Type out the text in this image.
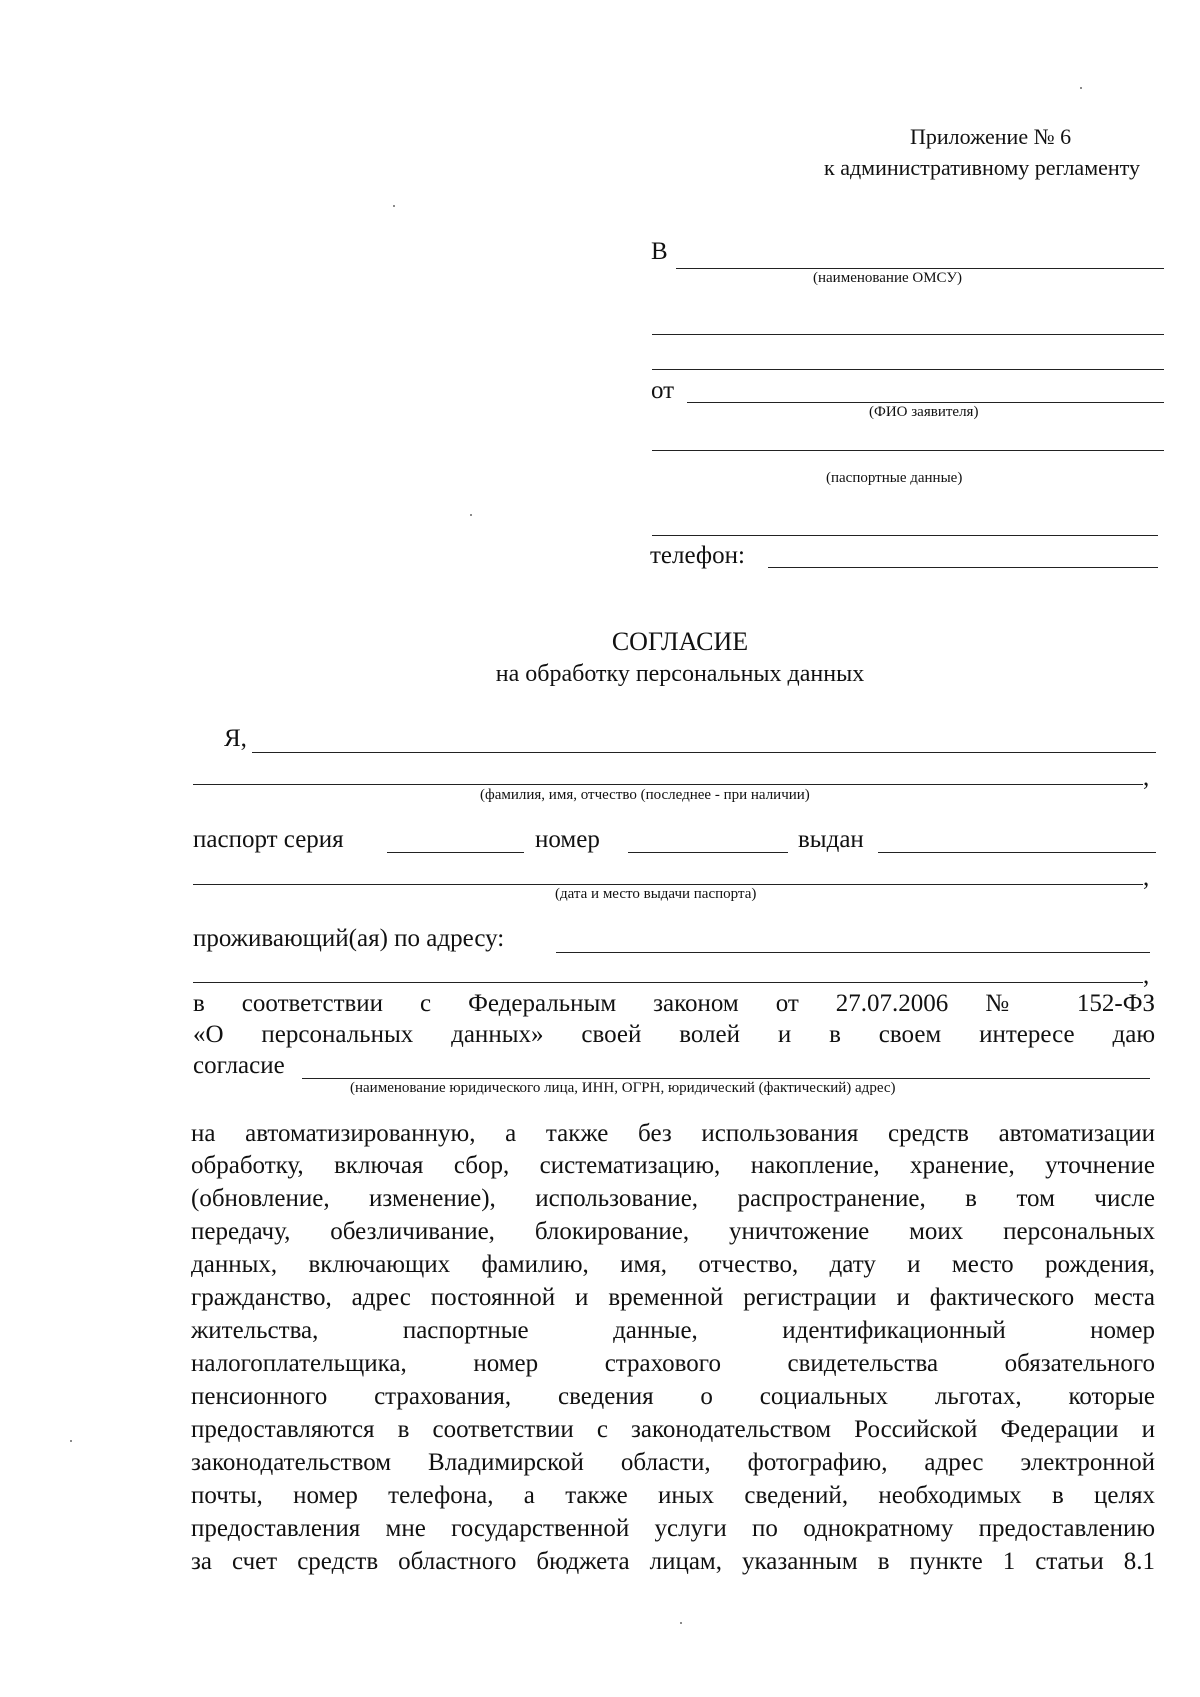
Приложение № 6
к административному регламенту
В
(наименование ОМСУ)
от
(ФИО заявителя)
(паспортные данные)
телефон:
СОГЛАСИЕ
на обработку персональных данных
Я,
,
(фамилия, имя, отчество (последнее - при наличии)
паспорт серия	номер	выдан
,
(дата и место выдачи паспорта)
проживающий(ая) по адресу:
,
в соответствии с Федеральным законом от 27.07.2006 № 152-ФЗ
«О персональных данных» своей волей и в своем интересе даю
согласие
(наименование юридического лица, ИНН, ОГРН, юридический (фактический) адрес)
на автоматизированную, а также без использования средств автоматизации
обработку, включая сбор, систематизацию, накопление, хранение, уточнение
(обновление, изменение), использование, распространение, в том числе
передачу, обезличивание, блокирование, уничтожение моих персональных
данных, включающих фамилию, имя, отчество, дату и место рождения,
гражданство, адрес постоянной и временной регистрации и фактического места
жительства, паспортные данные, идентификационный номер
налогоплательщика, номер страхового свидетельства обязательного
пенсионного страхования, сведения о социальных льготах, которые
предоставляются в соответствии с законодательством Российской Федерации и
законодательством Владимирской области, фотографию, адрес электронной
почты, номер телефона, а также иных сведений, необходимых в целях
предоставления мне государственной услуги по однократному предоставлению
за счет средств областного бюджета лицам, указанным в пункте 1 статьи 8.1
